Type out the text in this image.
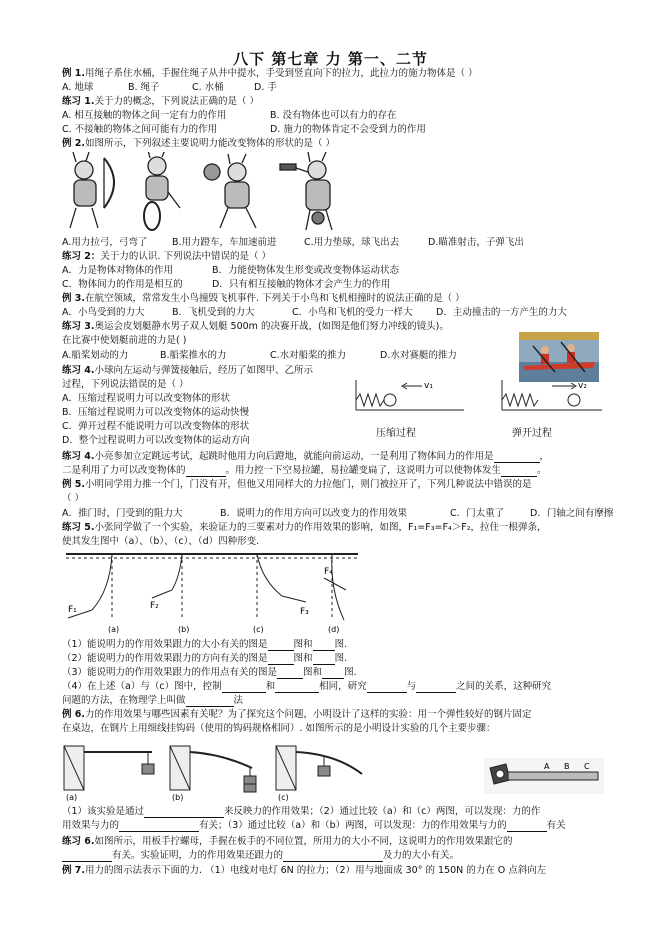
八下 第七章 力 第一、二节
例 1.用绳子系住水桶，手握住绳子从井中提水，手受到竖直向下的拉力，此拉力的施力物体是（ ）
A. 地球	B. 绳子	C. 水桶	D. 手
练习 1.关于力的概念，下列说法正确的是（ ）
A. 相互接触的物体之间一定有力的作用	B. 没有物体也可以有力的存在
C. 不接触的物体之间可能有力的作用	D. 施力的物体肯定不会受到力的作用
例 2.如图所示，下列叙述主要说明力能改变物体的形状的是（ ）
A.用力拉弓，弓弯了	B.用力蹬车，车加速前进	C.用力垫球，球飞出去	D.瞄准射击，子弹飞出
练习 2：关于力的认识. 下列说法中错误的是（ ）
A．力是物体对物体的作用	B．力能使物体发生形变或改变物体运动状态
C．物体间力的作用是相互的	D．只有相互接触的物体才会产生力的作用
例 3.在航空领域，常常发生小鸟撞毁飞机事件. 下列关于小鸟和飞机相撞时的说法正确的是（ ）
A．小鸟受到的力大	B．飞机受到的力大	C．小鸟和飞机的受力一样大 D．主动撞击的一方产生的力大
练习 3.奥运会皮划艇静水男子双人划艇 500m 的决赛开战，(如图是他们努力冲线的镜头)。
在比赛中使划艇前进的力是( )
A.船桨划动的力	B.船桨推水的力	C.水对船桨的推力	D.水对赛艇的推力
练习 4.小球向左运动与弹簧接触后，经历了如图甲、乙所示
过程，下列说法错误的是（ ）
A．压缩过程说明力可以改变物体的形状
B．压缩过程说明力可以改变物体的运动快慢
C．弹开过程不能说明力可以改变物体的形状
D．整个过程说明力可以改变物体的运动方向
v₁	v₂
压缩过程	弹开过程
练习 4.小亮参加立定跳远考试，起跳时他用力向后蹬地，就能向前运动，一是利用了物体间力的作用是	，
二是利用了力可以改变物体的	。用力控一下空易拉罐，易拉罐变扁了，这说明力可以使物体发生	。
例 5.小明同学用力推一个门，门没有开，但他又用同样大的力拉他门，则门被拉开了，下列几种说法中错误的是
（ ）
A．推门时，门受到的阻力大	B．说明力的作用方向可以改变力的作用效果	C．门太重了	D．门轴之间有摩擦
练习 5.小张同学做了一个实验，来验证力的三要素对力的作用效果的影响，如图，F₁=F₃=F₄＞F₂，拉住一根弹条，
使其发生图中（a）、（b）、（c）、（d）四种形变.
F₁	F₂
F₃
F₄
(a)	(b)	(c)	(d)
（1）能说明力的作用效果跟力的大小有关的图是	图和 图.
（2）能说明力的作用效果跟力的方向有关的图是	图和 图.
（3）能说明力的作用效果跟力的作用点有关的图是	图和 图.
（4）在上述（a）与（c）图中，控制	和	相同，研究	与	之间的关系，这种研究
问题的方法，在物理学上叫做	法
例 6.力的作用效果与哪些因素有关呢？为了探究这个问题，小明设计了这样的实验：用一个弹性较好的钢片固定
在桌边，在钢片上用细线挂钩码（使用的钩码规格相同）. 如图所示的是小明设计实验的几个主要步骤：
(a)	(b)	(c)
A B C
（1）该实验是通过	来反映力的作用效果；（2）通过比较（a）和（c）两图，可以发现：力的作
用效果与力的	有关；（3）通过比较（a）和（b）两图，可以发现：力的作用效果与力的	有关
练习 6.如图所示，用板手拧螺母，手握在板手的不同位置，所用力的大小不同，这说明力的作用效果跟它的
有关。实验证明，力的作用效果还跟力的	及力的大小有关。
例 7.用力的图示法表示下面的力. （1）电线对电灯 6N 的拉力；（2）用与地面成 30° 的 150N 的力在 O 点斜向左
